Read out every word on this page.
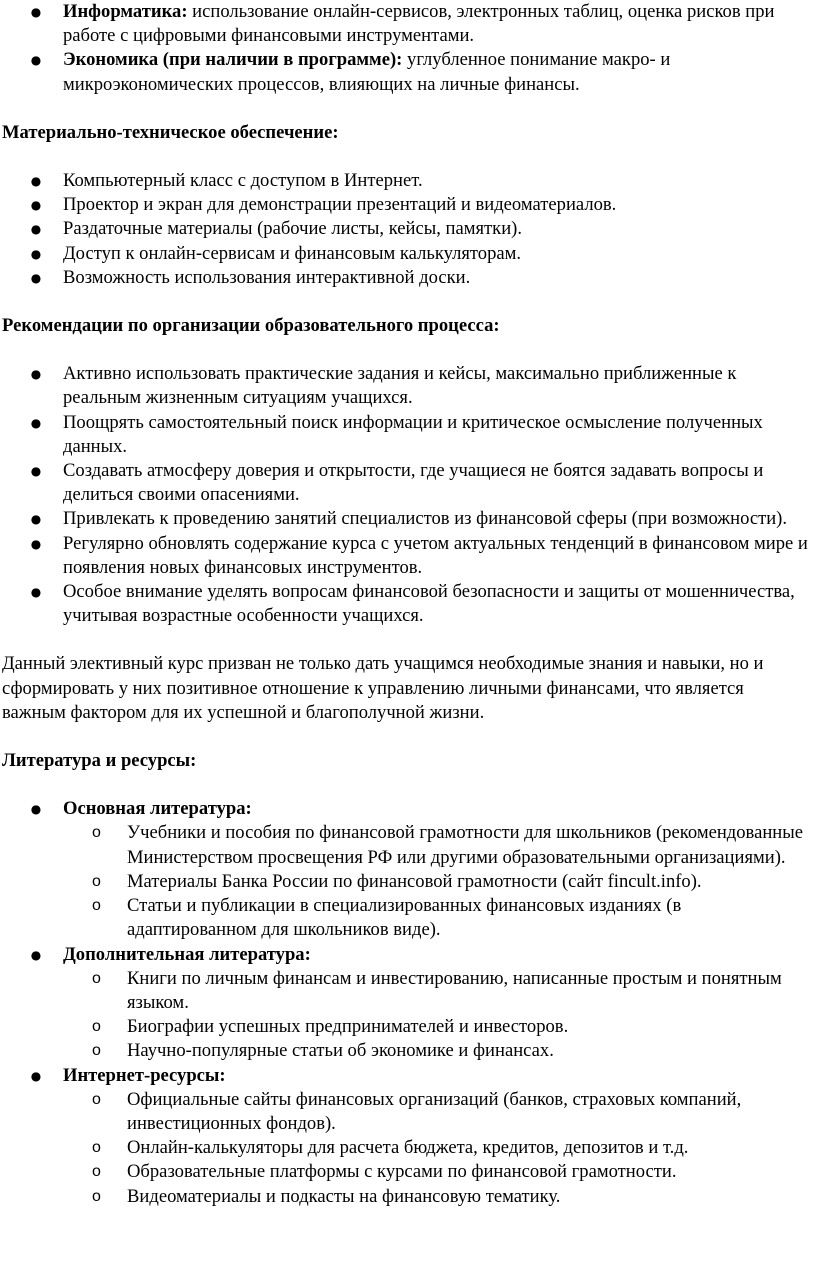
● Информатика: использование онлайн-сервисов, электронных таблиц, оценка рисков при работе с цифровыми финансовыми инструментами.
● Экономика (при наличии в программе): углубленное понимание макро- и микроэкономических процессов, влияющих на личные финансы.

Материально-техническое обеспечение:

● Компьютерный класс с доступом в Интернет.
● Проектор и экран для демонстрации презентаций и видеоматериалов.
● Раздаточные материалы (рабочие листы, кейсы, памятки).
● Доступ к онлайн-сервисам и финансовым калькуляторам.
● Возможность использования интерактивной доски.

Рекомендации по организации образовательного процесса:

● Активно использовать практические задания и кейсы, максимально приближенные к реальным жизненным ситуациям учащихся.
● Поощрять самостоятельный поиск информации и критическое осмысление полученных данных.
● Создавать атмосферу доверия и открытости, где учащиеся не боятся задавать вопросы и делиться своими опасениями.
● Привлекать к проведению занятий специалистов из финансовой сферы (при возможности).
● Регулярно обновлять содержание курса с учетом актуальных тенденций в финансовом мире и появления новых финансовых инструментов.
● Особое внимание уделять вопросам финансовой безопасности и защиты от мошенничества, учитывая возрастные особенности учащихся.

Данный элективный курс призван не только дать учащимся необходимые знания и навыки, но и сформировать у них позитивное отношение к управлению личными финансами, что является важным фактором для их успешной и благополучной жизни.

Литература и ресурсы:

● Основная литература:
o Учебники и пособия по финансовой грамотности для школьников (рекомендованные Министерством просвещения РФ или другими образовательными организациями).
o Материалы Банка России по финансовой грамотности (сайт fincult.info).
o Статьи и публикации в специализированных финансовых изданиях (в адаптированном для школьников виде).
● Дополнительная литература:
o Книги по личным финансам и инвестированию, написанные простым и понятным языком.
o Биографии успешных предпринимателей и инвесторов.
o Научно-популярные статьи об экономике и финансах.
● Интернет-ресурсы:
o Официальные сайты финансовых организаций (банков, страховых компаний, инвестиционных фондов).
o Онлайн-калькуляторы для расчета бюджета, кредитов, депозитов и т.д.
o Образовательные платформы с курсами по финансовой грамотности.
o Видеоматериалы и подкасты на финансовую тематику.
